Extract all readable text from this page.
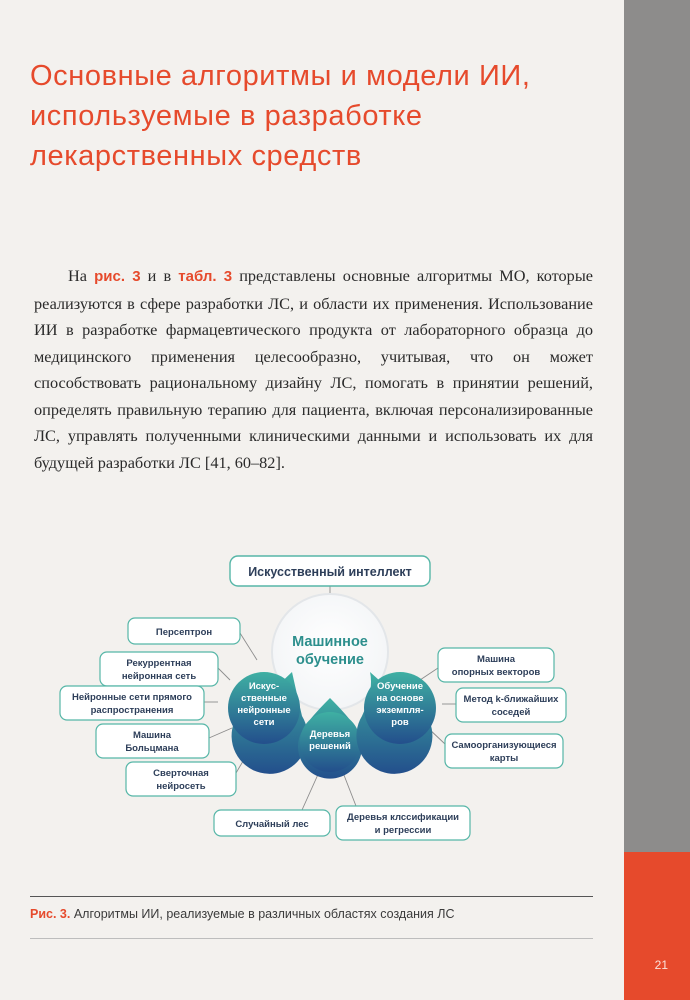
21
Основные алгоритмы и модели ИИ,
используемые в разработке
лекарственных средств

На рис. 3 и в табл. 3 представлены основные алгоритмы МО, которые реализуются в сфере разработки ЛС, и области их применения. Использование ИИ в разработке фармацевтического продукта от лабораторного образца до медицинского применения целесообразно, учитывая, что он может способствовать рациональному дизайну ЛС, помогать в принятии решений, определять правильную терапию для пациента, включая персонализированные ЛС, управлять полученными клиническими данными и использовать их для будущей разработки ЛС [41, 60–82].

Искусственный интеллект
Машинное
обучение
Искус-
ственные
нейронные
сети
Деревья
решений
Обучение
на основе
экземпля-
ров
Персептрон
Рекуррентная
нейронная сеть
Нейронные сети прямого
распространения
Машина
Больцмана
Сверточная
нейросеть
Случайный лес
Деревья клссификации
и регрессии
Машина
опорных векторов
Метод k-ближайших
соседей
Самоорганизующиеся
карты

Рис. 3. Алгоритмы ИИ, реализуемые в различных областях создания ЛС
